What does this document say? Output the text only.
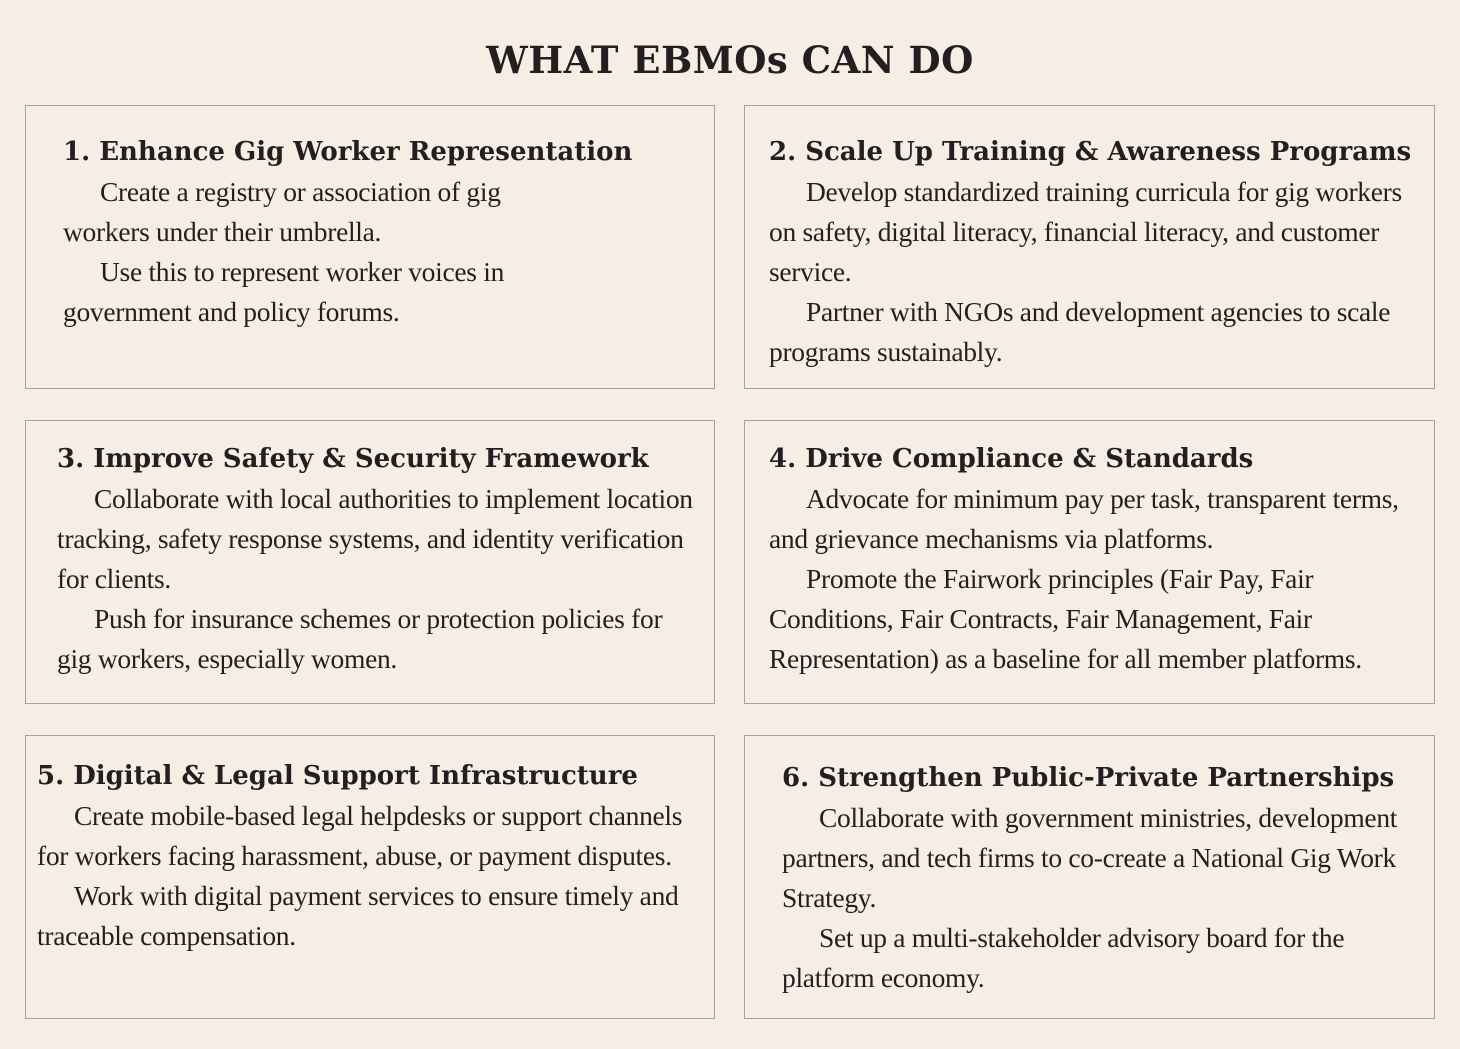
WHAT EBMOs CAN DO
1. Enhance Gig Worker Representation

Create a registry or association of gig workers under their umbrella.

Use this to represent worker voices in government and policy forums.

2. Scale Up Training & Awareness Programs

Develop standardized training curricula for gig workers on safety, digital literacy, financial literacy, and customer service.

Partner with NGOs and development agencies to scale programs sustainably.

3. Improve Safety & Security Framework

Collaborate with local authorities to implement location tracking, safety response systems, and identity verification for clients.

Push for insurance schemes or protection policies for gig workers, especially women.

4. Drive Compliance & Standards

Advocate for minimum pay per task, transparent terms, and grievance mechanisms via platforms.

Promote the Fairwork principles (Fair Pay, Fair Conditions, Fair Contracts, Fair Management, Fair Representation) as a baseline for all member platforms.

5. Digital & Legal Support Infrastructure

Create mobile-based legal helpdesks or support channels for workers facing harassment, abuse, or payment disputes.

Work with digital payment services to ensure timely and traceable compensation.

6. Strengthen Public-Private Partnerships

Collaborate with government ministries, development partners, and tech firms to co-create a National Gig Work Strategy.

Set up a multi-stakeholder advisory board for the platform economy.
